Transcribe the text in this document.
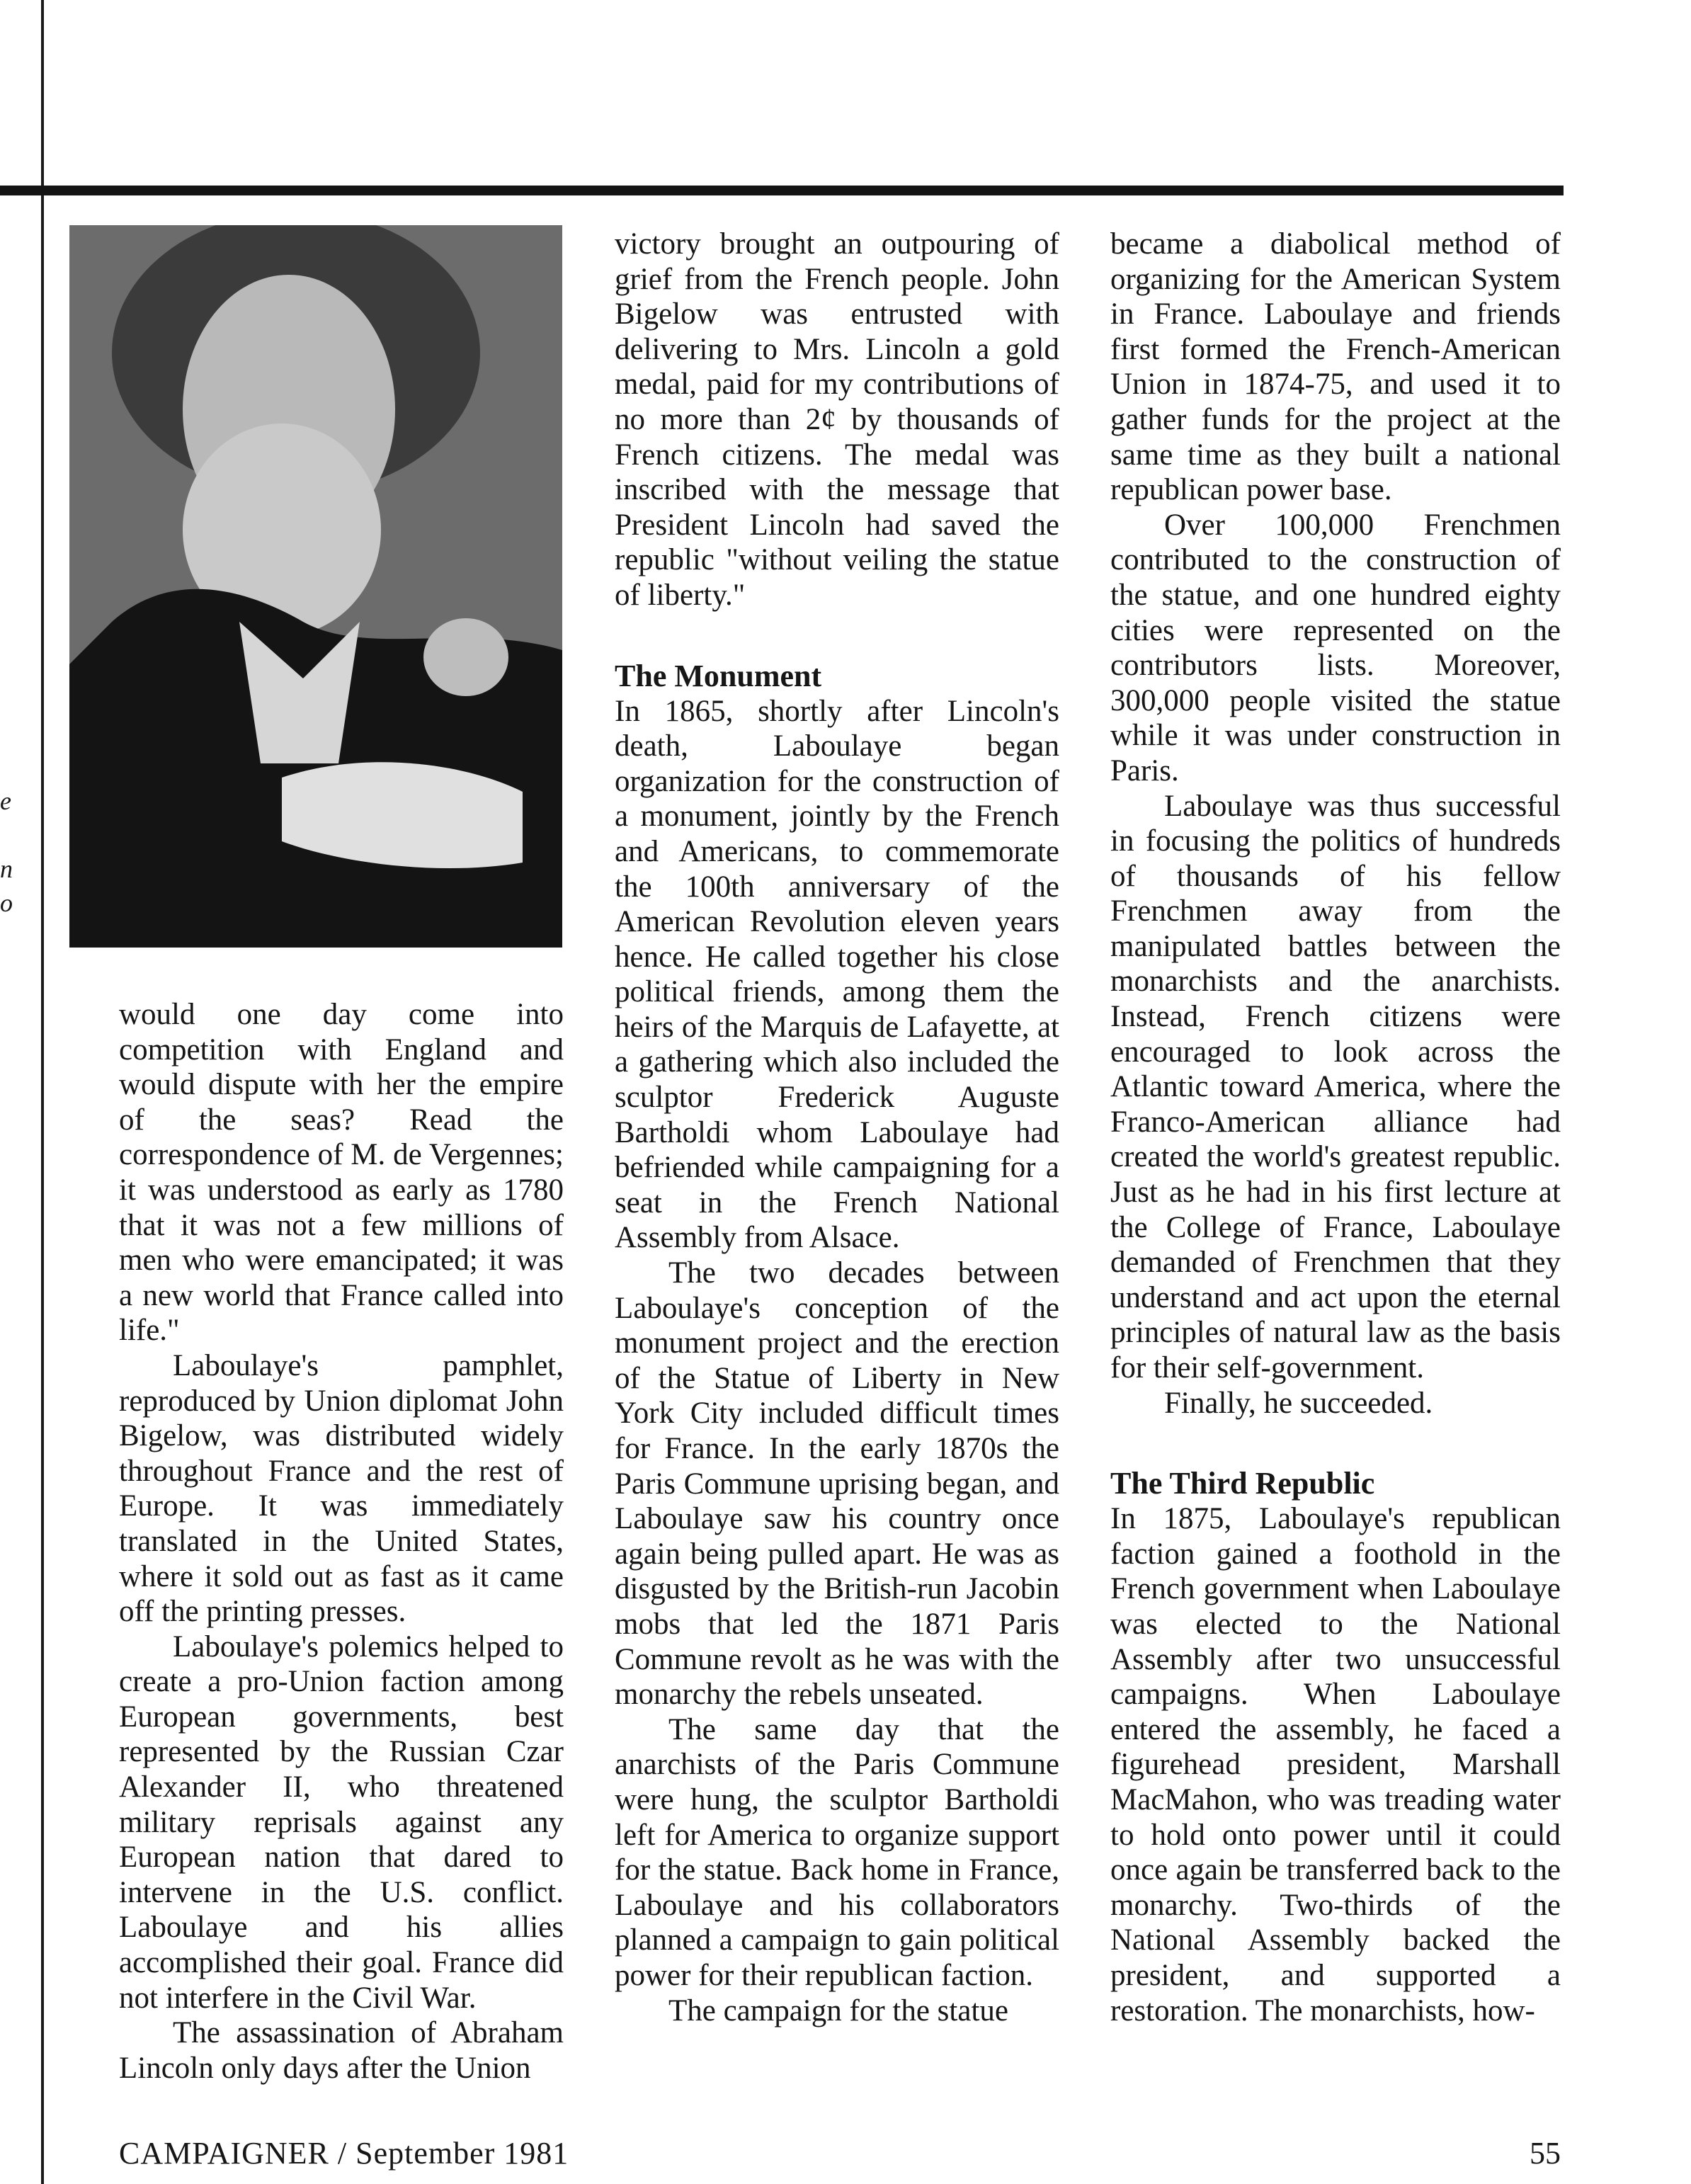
e
n
o

would one day come into competition with England and would dispute with her the empire of the seas? Read the correspondence of M. de Vergennes; it was understood as early as 1780 that it was not a few millions of men who were emancipated; it was a new world that France called into life."

Laboulaye's pamphlet, reproduced by Union diplomat John Bigelow, was distributed widely throughout France and the rest of Europe. It was immediately translated in the United States, where it sold out as fast as it came off the printing presses.

Laboulaye's polemics helped to create a pro-Union faction among European governments, best represented by the Russian Czar Alexander II, who threatened military reprisals against any European nation that dared to intervene in the U.S. conflict. Laboulaye and his allies accomplished their goal. France did not interfere in the Civil War.

The assassination of Abraham Lincoln only days after the Union

victory brought an outpouring of grief from the French people. John Bigelow was entrusted with delivering to Mrs. Lincoln a gold medal, paid for my contributions of no more than 2¢ by thousands of French citizens. The medal was inscribed with the message that President Lincoln had saved the republic "without veiling the statue of liberty."

The Monument

In 1865, shortly after Lincoln's death, Laboulaye began organization for the construction of a monument, jointly by the French and Americans, to commemorate the 100th anniversary of the American Revolution eleven years hence. He called together his close political friends, among them the heirs of the Marquis de Lafayette, at a gathering which also included the sculptor Frederick Auguste Bartholdi whom Laboulaye had befriended while campaigning for a seat in the French National Assembly from Alsace.

The two decades between Laboulaye's conception of the monument project and the erection of the Statue of Liberty in New York City included difficult times for France. In the early 1870s the Paris Commune uprising began, and Laboulaye saw his country once again being pulled apart. He was as disgusted by the British-run Jacobin mobs that led the 1871 Paris Commune revolt as he was with the monarchy the rebels unseated.

The same day that the anarchists of the Paris Commune were hung, the sculptor Bartholdi left for America to organize support for the statue. Back home in France, Laboulaye and his collaborators planned a campaign to gain political power for their republican faction.

The campaign for the statue

became a diabolical method of organizing for the American System in France. Laboulaye and friends first formed the French-American Union in 1874-75, and used it to gather funds for the project at the same time as they built a national republican power base.

Over 100,000 Frenchmen contributed to the construction of the statue, and one hundred eighty cities were represented on the contributors lists. Moreover, 300,000 people visited the statue while it was under construction in Paris.

Laboulaye was thus successful in focusing the politics of hundreds of thousands of his fellow Frenchmen away from the manipulated battles between the monarchists and the anarchists. Instead, French citizens were encouraged to look across the Atlantic toward America, where the Franco-American alliance had created the world's greatest republic. Just as he had in his first lecture at the College of France, Laboulaye demanded of Frenchmen that they understand and act upon the eternal principles of natural law as the basis for their self-government.

Finally, he succeeded.

The Third Republic

In 1875, Laboulaye's republican faction gained a foothold in the French government when Laboulaye was elected to the National Assembly after two unsuccessful campaigns. When Laboulaye entered the assembly, he faced a figurehead president, Marshall MacMahon, who was treading water to hold onto power until it could once again be transferred back to the monarchy. Two-thirds of the National Assembly backed the president, and supported a restoration. The monarchists, how-

CAMPAIGNER / September 1981	55
